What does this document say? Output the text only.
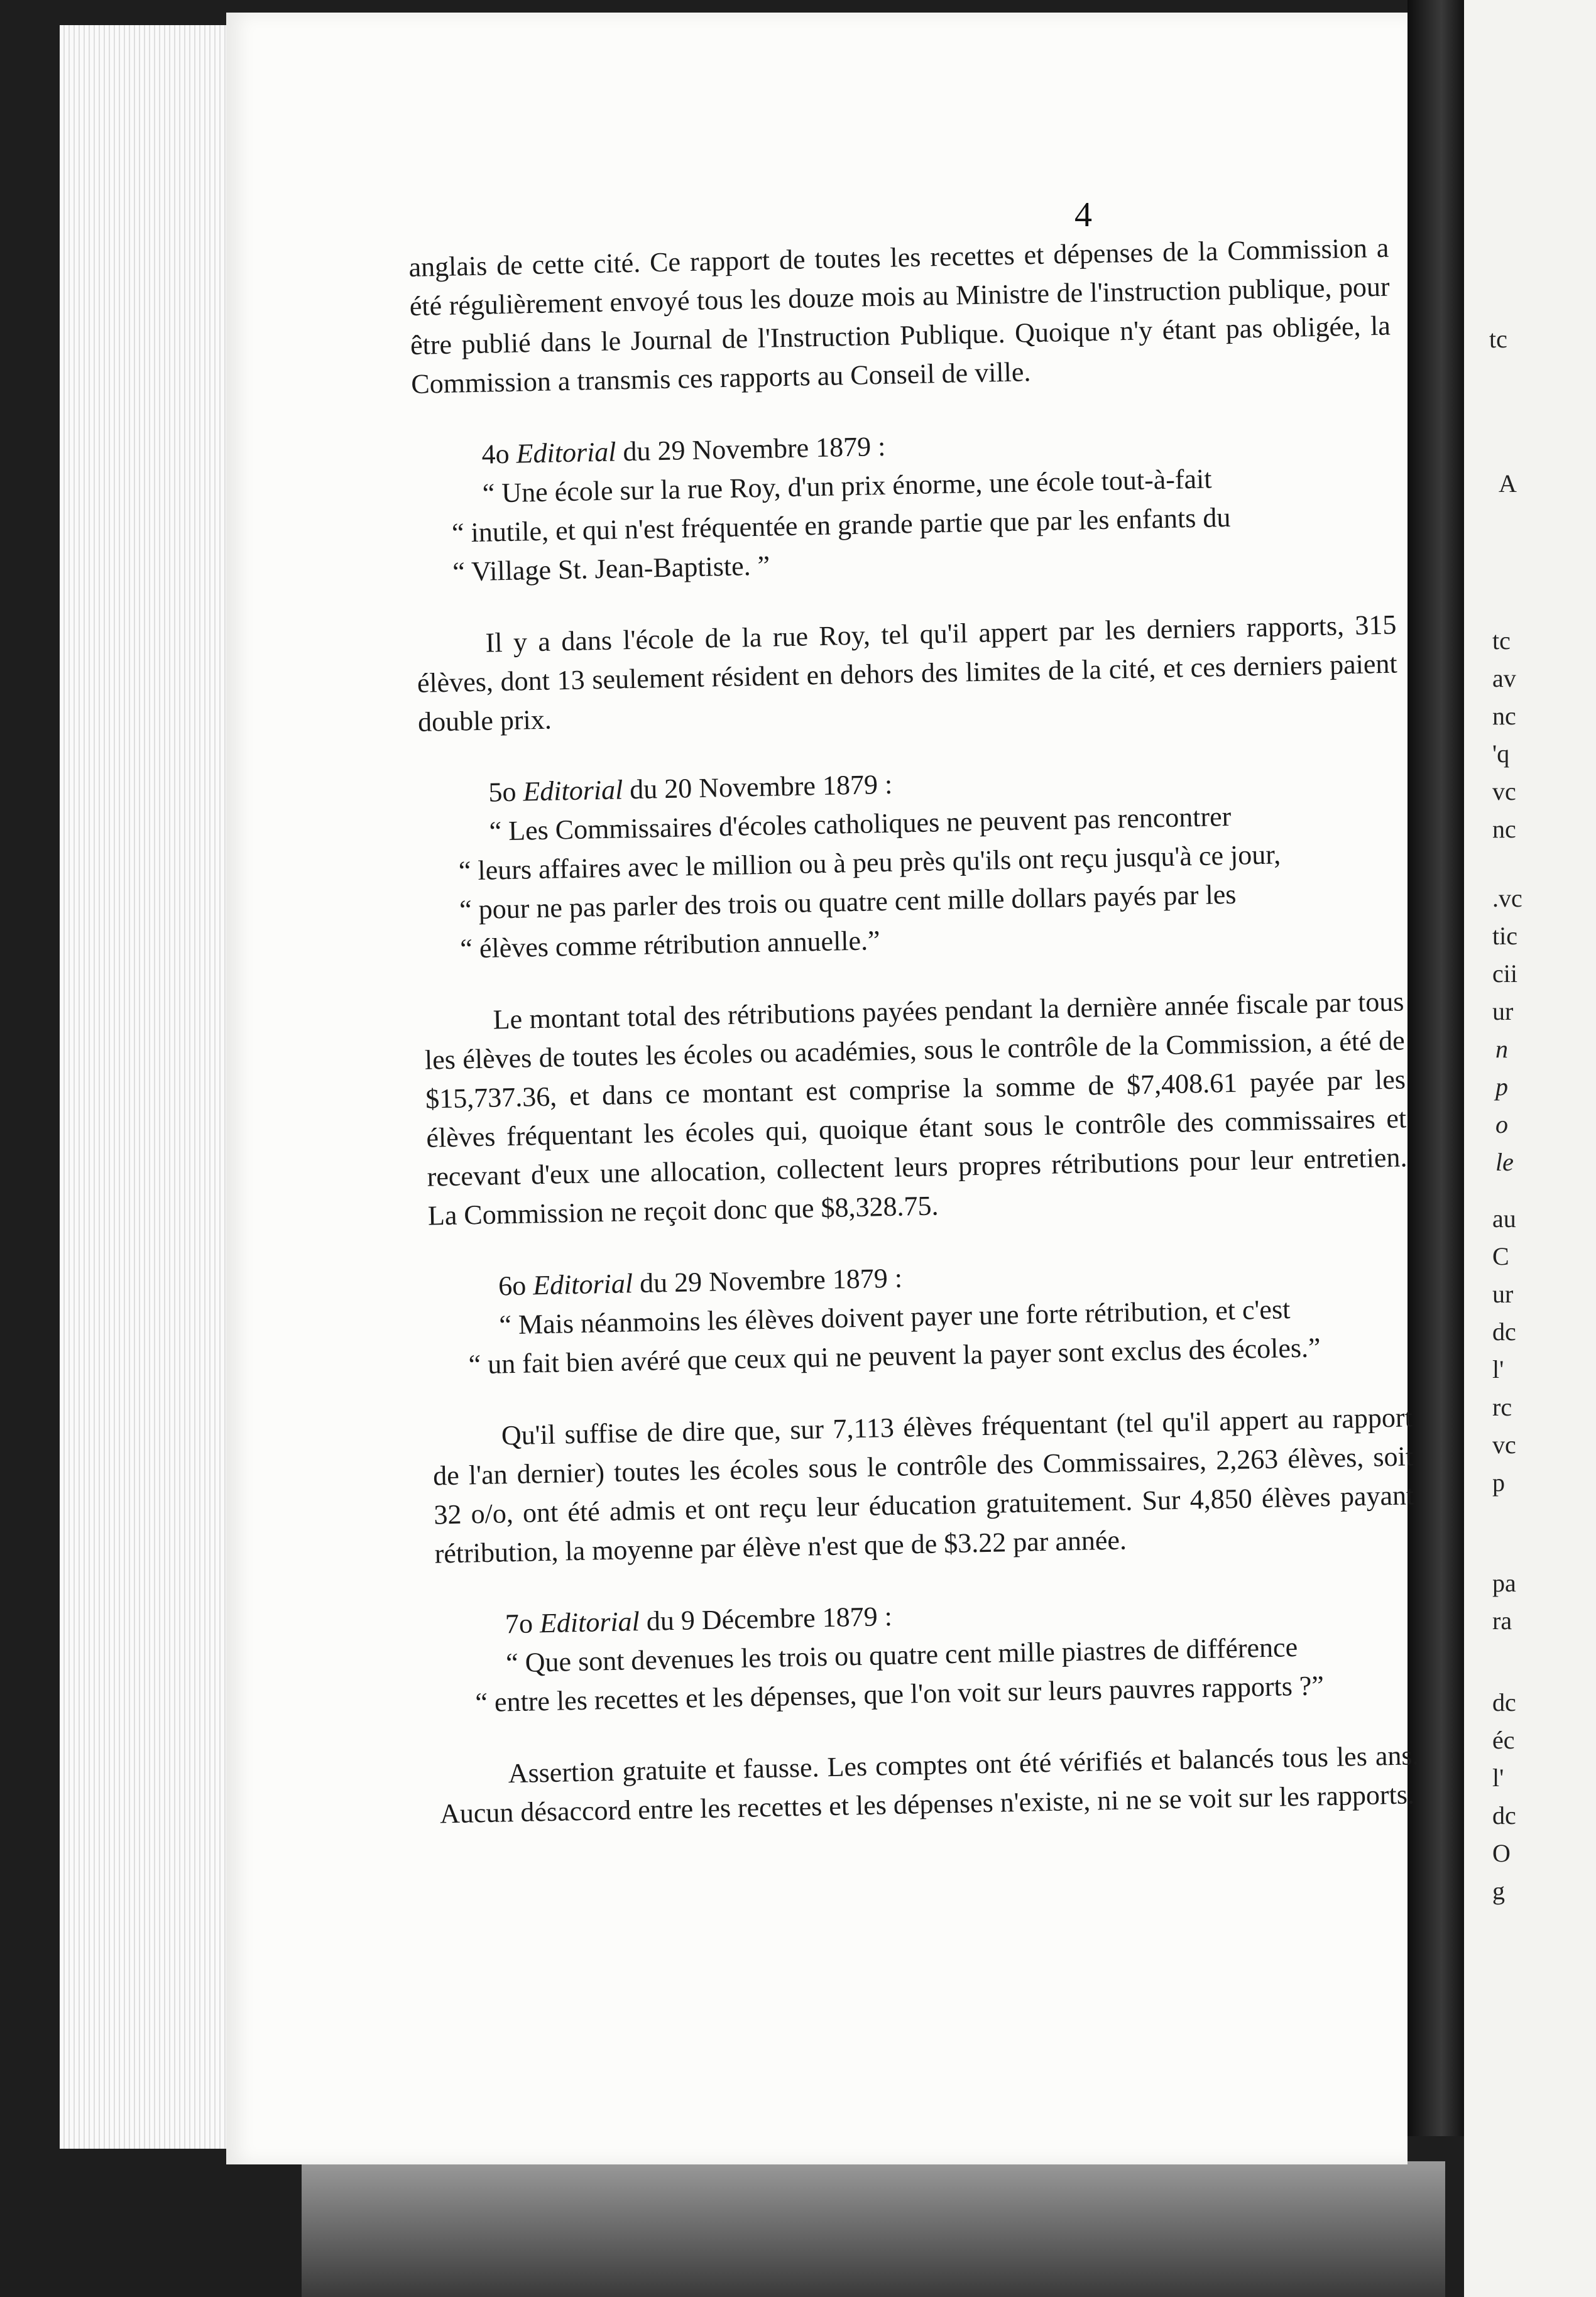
tc
A
tc
av
nc
'q
vc
nc
.vc
tic
cii
ur
n
p
o
le
au
C
ur
dc
l'
rc
vc
p
pa
ra
dc
éc
l'
dc
O
g
4

anglais de cette cité. Ce rapport de toutes les recettes et dépenses de la Commission a été régulièrement envoyé tous les douze mois au Ministre de l'instruction publique, pour être publié dans le Journal de l'Instruction Publique. Quoique n'y étant pas obligée, la Commission a transmis ces rapports au Conseil de ville.

4o Editorial du 29 Novembre 1879 :

“ Une école sur la rue Roy, d'un prix énorme, une école tout-à-fait

“ inutile, et qui n'est fréquentée en grande partie que par les enfants du

“ Village St. Jean-Baptiste. ”

Il y a dans l'école de la rue Roy, tel qu'il appert par les derniers rapports, 315 élèves, dont 13 seulement résident en dehors des limites de la cité, et ces derniers paient double prix.

5o Editorial du 20 Novembre 1879 :

“ Les Commissaires d'écoles catholiques ne peuvent pas rencontrer

“ leurs affaires avec le million ou à peu près qu'ils ont reçu jusqu'à ce jour,

“ pour ne pas parler des trois ou quatre cent mille dollars payés par les

“ élèves comme rétribution annuelle.”

Le montant total des rétributions payées pendant la dernière année fiscale par tous les élèves de toutes les écoles ou académies, sous le contrôle de la Commission, a été de $15,737.36, et dans ce montant est comprise la somme de $7,408.61 payée par les élèves fréquentant les écoles qui, quoique étant sous le contrôle des commissaires et recevant d'eux une allocation, collectent leurs propres rétributions pour leur entretien. La Commission ne reçoit donc que $8,328.75.

6o Editorial du 29 Novembre 1879 :

“ Mais néanmoins les élèves doivent payer une forte rétribution, et c'est

“ un fait bien avéré que ceux qui ne peuvent la payer sont exclus des écoles.”

Qu'il suffise de dire que, sur 7,113 élèves fréquentant (tel qu'il appert au rapport de l'an dernier) toutes les écoles sous le contrôle des Commissaires, 2,263 élèves, soit 32 o/o, ont été admis et ont reçu leur éducation gratuitement. Sur 4,850 élèves payant rétribution, la moyenne par élève n'est que de $3.22 par année.

7o Editorial du 9 Décembre 1879 :

“ Que sont devenues les trois ou quatre cent mille piastres de différence

“ entre les recettes et les dépenses, que l'on voit sur leurs pauvres rapports ?”

Assertion gratuite et fausse. Les comptes ont été vérifiés et balancés tous les ans. Aucun désaccord entre les recettes et les dépenses n'existe, ni ne se voit sur les rapports.
